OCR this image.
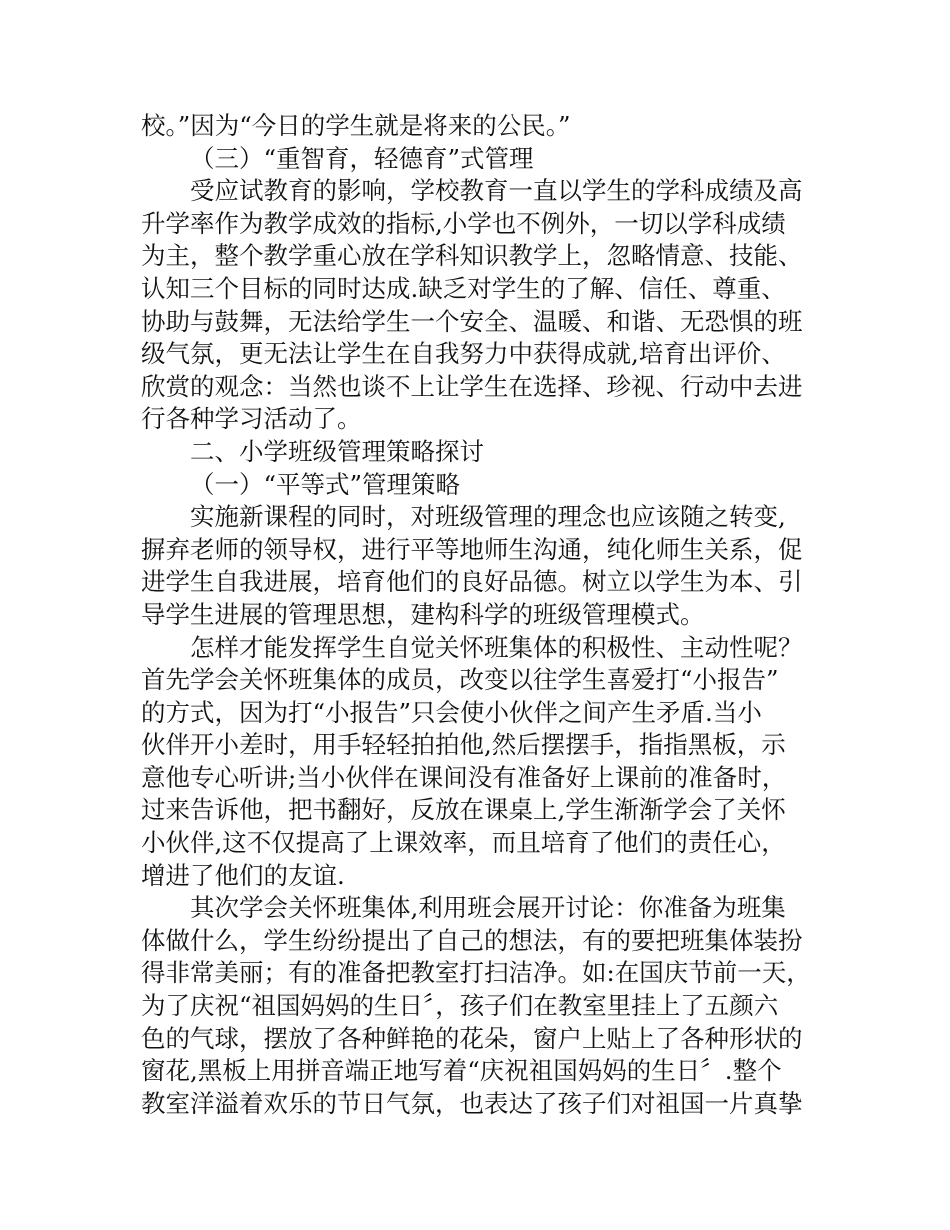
校。”因为“今日的学生就是将来的公民。”
（三）“重智育，轻德育”式管理
受应试教育的影响，学校教育一直以学生的学科成绩及高
升学率作为教学成效的指标,小学也不例外，一切以学科成绩
为主，整个教学重心放在学科知识教学上，忽略情意、技能、
认知三个目标的同时达成.缺乏对学生的了解、信任、尊重、
协助与鼓舞，无法给学生一个安全、温暖、和谐、无恐惧的班
级气氛，更无法让学生在自我努力中获得成就,培育出评价、
欣赏的观念：当然也谈不上让学生在选择、珍视、行动中去进
行各种学习活动了。
二、小学班级管理策略探讨
（一）“平等式”管理策略
实施新课程的同时，对班级管理的理念也应该随之转变,
摒弃老师的领导权，进行平等地师生沟通，纯化师生关系，促
进学生自我进展，培育他们的良好品德。树立以学生为本、引
导学生进展的管理思想，建构科学的班级管理模式。
怎样才能发挥学生自觉关怀班集体的积极性、主动性呢？
首先学会关怀班集体的成员，改变以往学生喜爱打“小报告”
的方式，因为打“小报告”只会使小伙伴之间产生矛盾.当小
伙伴开小差时，用手轻轻拍拍他,然后摆摆手，指指黑板，示
意他专心听讲;当小伙伴在课间没有准备好上课前的准备时，
过来告诉他，把书翻好，反放在课桌上,学生渐渐学会了关怀
小伙伴,这不仅提高了上课效率，而且培育了他们的责任心，
增进了他们的友谊.
其次学会关怀班集体,利用班会展开讨论：你准备为班集
体做什么，学生纷纷提出了自己的想法，有的要把班集体装扮
得非常美丽；有的准备把教室打扫洁净。如:在国庆节前一天，
为了庆祝“祖国妈妈的生日〞，孩子们在教室里挂上了五颜六
色的气球，摆放了各种鲜艳的花朵，窗户上贴上了各种形状的
窗花,黑板上用拼音端正地写着“庆祝祖国妈妈的生日〞.整个
教室洋溢着欢乐的节日气氛，也表达了孩子们对祖国一片真挚
